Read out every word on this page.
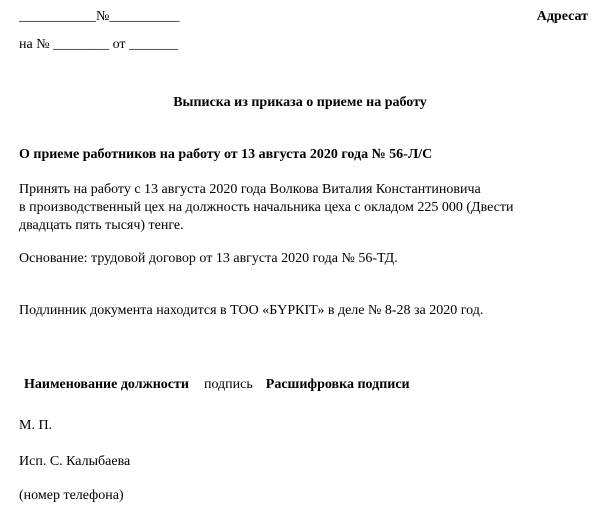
___________№__________	Адресат
на № ________ от _______
Выписка из приказа о приеме на работу
О приеме работников на работу от 13 августа 2020 года № 56-Л/С
Принять на работу с 13 августа 2020 года Волкова Виталия Константиновича
в производственный цех на должность начальника цеха с окладом 225 000 (Двести
двадцать пять тысяч) тенге.
Основание: трудовой договор от 13 августа 2020 года № 56-ТД.
Подлинник документа находится в ТОО «БҮРКІТ» в деле № 8-28 за 2020 год.
Наименование должности подпись Расшифровка подписи
М. П.
Исп. С. Калыбаева
(номер телефона)
